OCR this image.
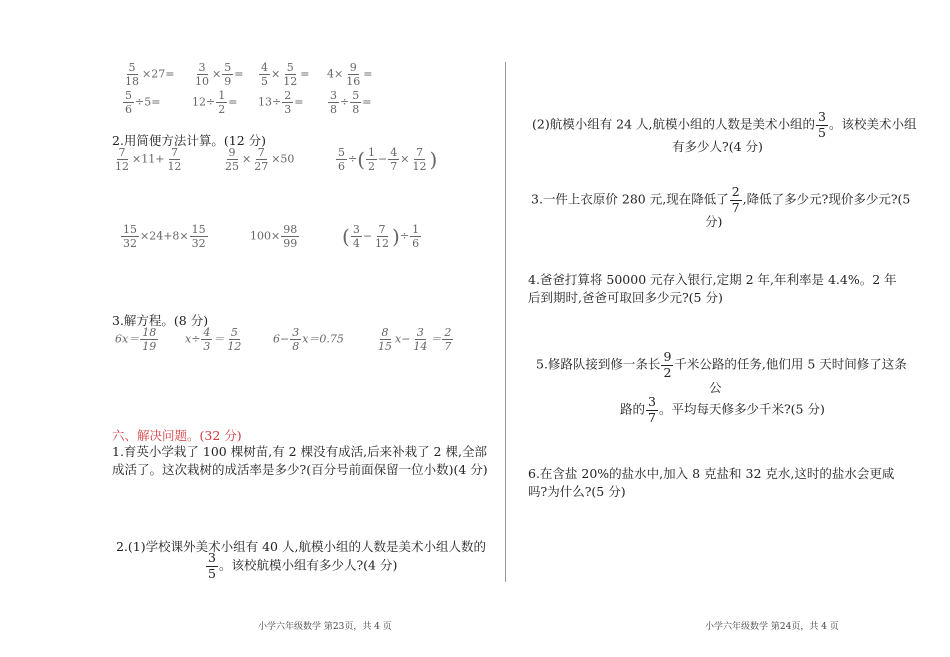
$\frac{5}{18} \times 27= \frac{3}{10} \times \frac{5}{9} = \frac{4}{5} \times \frac{5}{12} = 4\times \frac{9}{16}$ =
$\frac{5}{6} \div 5=$	$12\div \frac{1}{2} = 13\div \frac{2}{3} = \frac{3}{8} \div \frac{5}{8}$ =
2.用简便方法计算。(12 分)
$\frac{7}{12} \times 11+ \frac{7}{12}$	$\frac{9}{25} \times \frac{7}{27} \times 50$	$\frac{5}{6}$ ÷( $\frac{1}{2} - \frac{4}{7} \times \frac{7}{12}$ )
$\frac{15}{32} \times 24+8\times \frac{15}{32}$	$100\times \frac{98}{99}$ ( $\frac{3}{4} - \frac{7}{12}$ )÷ $\frac{1}{6}$
3.解方程。(8 分)
$6x= \frac{18}{19} x\div \frac{4}{3} = \frac{5}{12}$	$6- \frac{3}{8} x=0.75$	$\frac{8}{15} x- \frac{3}{14} = \frac{2}{7}$
六、解决问题。(32 分)
1.育英小学栽了 100 棵树苗,有 2 棵没有成活,后来补栽了 2 棵,全部成活了。这次栽树的成活率是多少?(百分号前面保留一位小数)(4 分)
2.(1)学校课外美术小组有 40 人,航模小组的人数是美术小组人数的
$\frac{3}{5}$ 。该校航模小组有多少人?(4 分)
小学六年级数学 第23页，共 4 页
(2)航模小组有 24 人,航模小组的人数是美术小组的 $\frac{3}{5}$ 。该校美术小组
有多少人?(4 分)
3.一件上衣原价 280 元,现在降低了 $\frac{2}{7}$ ,降低了多少元?现价多少元?(5
分)
4.爸爸打算将 50000 元存入银行,定期 2 年,年利率是 4.4%。2 年后到期时,爸爸可取回多少元?(5 分)
5.修路队接到修一条长 $\frac{9}{2}$ 千米公路的任务,他们用 5 天时间修了这条
公
路的 $\frac{3}{7}$ 。平均每天修多少千米?(5 分)
6.在含盐 20%的盐水中,加入 8 克盐和 32 克水,这时的盐水会更咸吗?为什么?(5 分)
小学六年级数学 第24页，共 4 页
